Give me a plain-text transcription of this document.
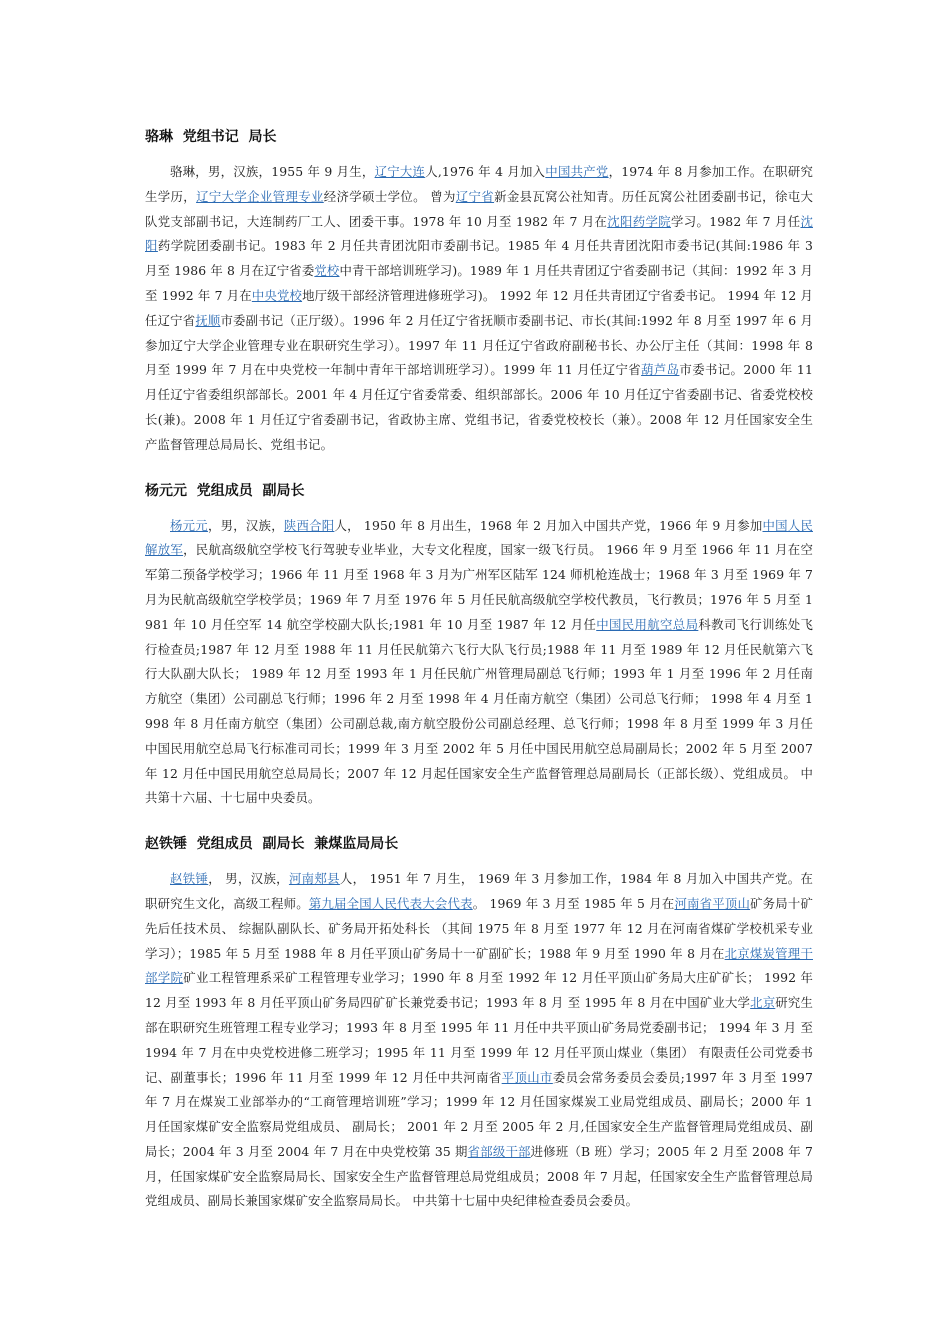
骆琳  党组书记  局长

骆琳，男，汉族，1955 年 9 月生，辽宁大连人,1976 年 4 月加入中国共产党，1974 年 8 月参加工作。在职研究生学历，辽宁大学企业管理专业经济学硕士学位。 曾为辽宁省新金县瓦窝公社知青。历任瓦窝公社团委副书记，徐屯大队党支部副书记，大连制药厂工人、团委干事。1978 年 10 月至 1982 年 7 月在沈阳药学院学习。1982 年 7 月任沈阳药学院团委副书记。1983 年 2 月任共青团沈阳市委副书记。1985 年 4 月任共青团沈阳市委书记(其间:1986 年 3 月至 1986 年 8 月在辽宁省委党校中青干部培训班学习)。1989 年 1 月任共青团辽宁省委副书记（其间：1992 年 3 月至 1992 年 7 月在中央党校地厅级干部经济管理进修班学习)。 1992 年 12 月任共青团辽宁省委书记。 1994 年 12 月任辽宁省抚顺市委副书记（正厅级）。1996 年 2 月任辽宁省抚顺市委副书记、市长(其间:1992 年 8 月至 1997 年 6 月参加辽宁大学企业管理专业在职研究生学习）。1997 年 11 月任辽宁省政府副秘书长、办公厅主任（其间：1998 年 8 月至 1999 年 7 月在中央党校一年制中青年干部培训班学习）。1999 年 11 月任辽宁省葫芦岛市委书记。2000 年 11 月任辽宁省委组织部部长。2001 年 4 月任辽宁省委常委、组织部部长。2006 年 10 月任辽宁省委副书记、省委党校校长(兼)。2008 年 1 月任辽宁省委副书记，省政协主席、党组书记，省委党校校长（兼）。2008 年 12 月任国家安全生产监督管理总局局长、党组书记。

杨元元  党组成员  副局长

杨元元，男，汉族，陕西合阳人， 1950 年 8 月出生，1968 年 2 月加入中国共产党，1966 年 9 月参加中国人民解放军，民航高级航空学校飞行驾驶专业毕业，大专文化程度，国家一级飞行员。 1966 年 9 月至 1966 年 11 月在空军第二预备学校学习；1966 年 11 月至 1968 年 3 月为广州军区陆军 124 师机枪连战士；1968 年 3 月至 1969 年 7 月为民航高级航空学校学员；1969 年 7 月至 1976 年 5 月任民航高级航空学校代教员，飞行教员；1976 年 5 月至 1981 年 10 月任空军 14 航空学校副大队长;1981 年 10 月至 1987 年 12 月任中国民用航空总局科教司飞行训练处飞行检查员;1987 年 12 月至 1988 年 11 月任民航第六飞行大队飞行员;1988 年 11 月至 1989 年 12 月任民航第六飞行大队副大队长； 1989 年 12 月至 1993 年 1 月任民航广州管理局副总飞行师；1993 年 1 月至 1996 年 2 月任南方航空（集团）公司副总飞行师；1996 年 2 月至 1998 年 4 月任南方航空（集团）公司总飞行师； 1998 年 4 月至 1998 年 8 月任南方航空（集团）公司副总裁,南方航空股份公司副总经理、总飞行师；1998 年 8 月至 1999 年 3 月任中国民用航空总局飞行标准司司长；1999 年 3 月至 2002 年 5 月任中国民用航空总局副局长；2002 年 5 月至 2007 年 12 月任中国民用航空总局局长；2007 年 12 月起任国家安全生产监督管理总局副局长（正部长级）、党组成员。 中共第十六届、十七届中央委员。

赵铁锤  党组成员  副局长  兼煤监局局长

赵铁锤， 男，汉族，河南郏县人， 1951 年 7 月生， 1969 年 3 月参加工作，1984 年 8 月加入中国共产党。在职研究生文化，高级工程师。第九届全国人民代表大会代表。 1969 年 3 月至 1985 年 5 月在河南省平顶山矿务局十矿先后任技术员、 综掘队副队长、矿务局开拓处科长 （其间 1975 年 8 月至 1977 年 12 月在河南省煤矿学校机采专业学习）；1985 年 5 月至 1988 年 8 月任平顶山矿务局十一矿副矿长；1988 年 9 月至 1990 年 8 月在北京煤炭管理干部学院矿业工程管理系采矿工程管理专业学习；1990 年 8 月至 1992 年 12 月任平顶山矿务局大庄矿矿长； 1992 年 12 月至 1993 年 8 月任平顶山矿务局四矿矿长兼党委书记；1993 年 8 月 至 1995 年 8 月在中国矿业大学北京研究生部在职研究生班管理工程专业学习；1993 年 8 月至 1995 年 11 月任中共平顶山矿务局党委副书记； 1994 年 3 月 至 1994 年 7 月在中央党校进修二班学习；1995 年 11 月至 1999 年 12 月任平顶山煤业（集团） 有限责任公司党委书记、副董事长；1996 年 11 月至 1999 年 12 月任中共河南省平顶山市委员会常务委员会委员;1997 年 3 月至 1997 年 7 月在煤炭工业部举办的“工商管理培训班”学习；1999 年 12 月任国家煤炭工业局党组成员、副局长；2000 年 1 月任国家煤矿安全监察局党组成员、 副局长； 2001 年 2 月至 2005 年 2 月,任国家安全生产监督管理局党组成员、副局长；2004 年 3 月至 2004 年 7 月在中央党校第 35 期省部级干部进修班（B 班）学习；2005 年 2 月至 2008 年 7 月，任国家煤矿安全监察局局长、国家安全生产监督管理总局党组成员；2008 年 7 月起，任国家安全生产监督管理总局党组成员、副局长兼国家煤矿安全监察局局长。 中共第十七届中央纪律检查委员会委员。
